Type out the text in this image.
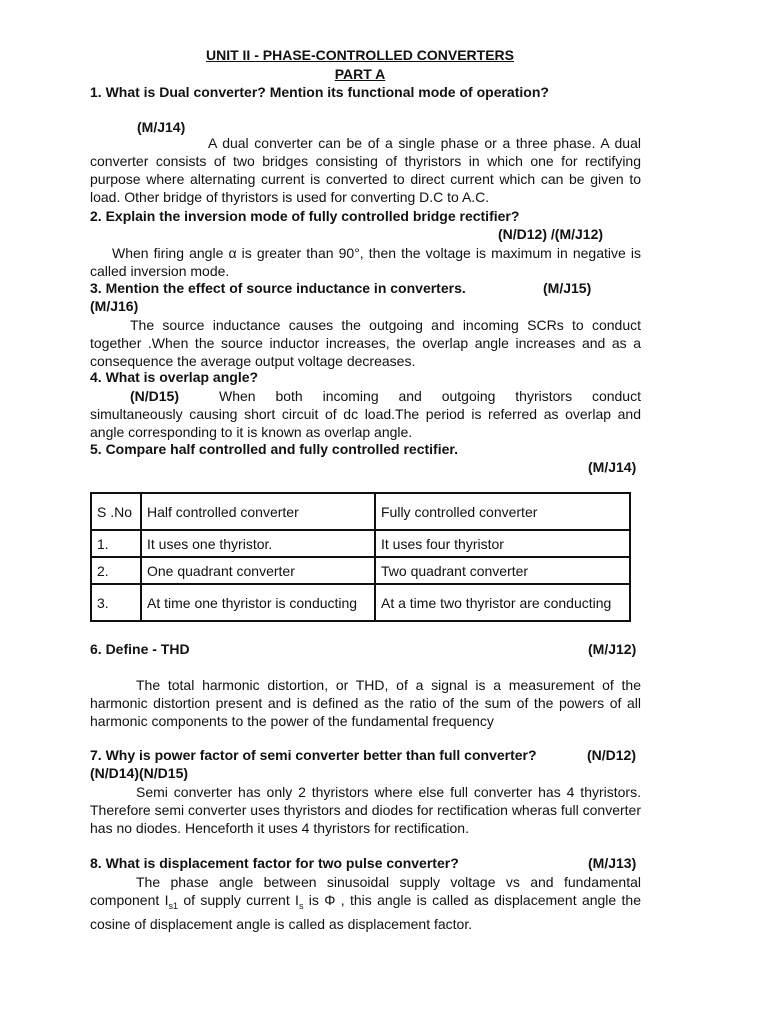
UNIT II - PHASE-CONTROLLED CONVERTERS
PART A
1. What is Dual converter? Mention its functional mode of operation?
(M/J14)
A dual converter can be of a single phase or a three phase. A dual converter consists of two bridges consisting of thyristors in which one for rectifying purpose where alternating current is converted to direct current which can be given to load. Other bridge of thyristors is used for converting D.C to A.C.
2. Explain the inversion mode of fully controlled bridge rectifier?
(N/D12) /(M/J12)
When firing angle α is greater than 90°, then the voltage is maximum in negative is called inversion mode.
3. Mention the effect of source inductance in converters.	(M/J15)
(M/J16)
The source inductance causes the outgoing and incoming SCRs to conduct together .When the source inductor increases, the overlap angle increases and as a consequence the average output voltage decreases.
4. What is overlap angle?
(N/D15)	When both incoming and outgoing thyristors conduct simultaneously causing short circuit of dc load.The period is referred as overlap and angle corresponding to it is known as overlap angle.
5. Compare half controlled and fully controlled rectifier.
(M/J14)
S .No	Half controlled converter	Fully controlled converter
1.	It uses one thyristor.	It uses four thyristor
2.	One quadrant converter	Two quadrant converter
3.	At time one thyristor is conducting	At a time two thyristor are conducting
6. Define - THD	(M/J12)
The total harmonic distortion, or THD, of a signal is a measurement of the harmonic distortion present and is defined as the ratio of the sum of the powers of all harmonic components to the power of the fundamental frequency
7. Why is power factor of semi converter better than full converter?	(N/D12)
(N/D14)(N/D15)
Semi converter has only 2 thyristors where else full converter has 4 thyristors. Therefore semi converter uses thyristors and diodes for rectification wheras full converter has no diodes. Henceforth it uses 4 thyristors for rectification.
8. What is displacement factor for two pulse converter?	(M/J13)
The phase angle between sinusoidal supply voltage vs and fundamental component $I_{s1}$ of supply current $I_s$ is Φ , this angle is called as displacement angle the cosine of displacement angle is called as displacement factor.
